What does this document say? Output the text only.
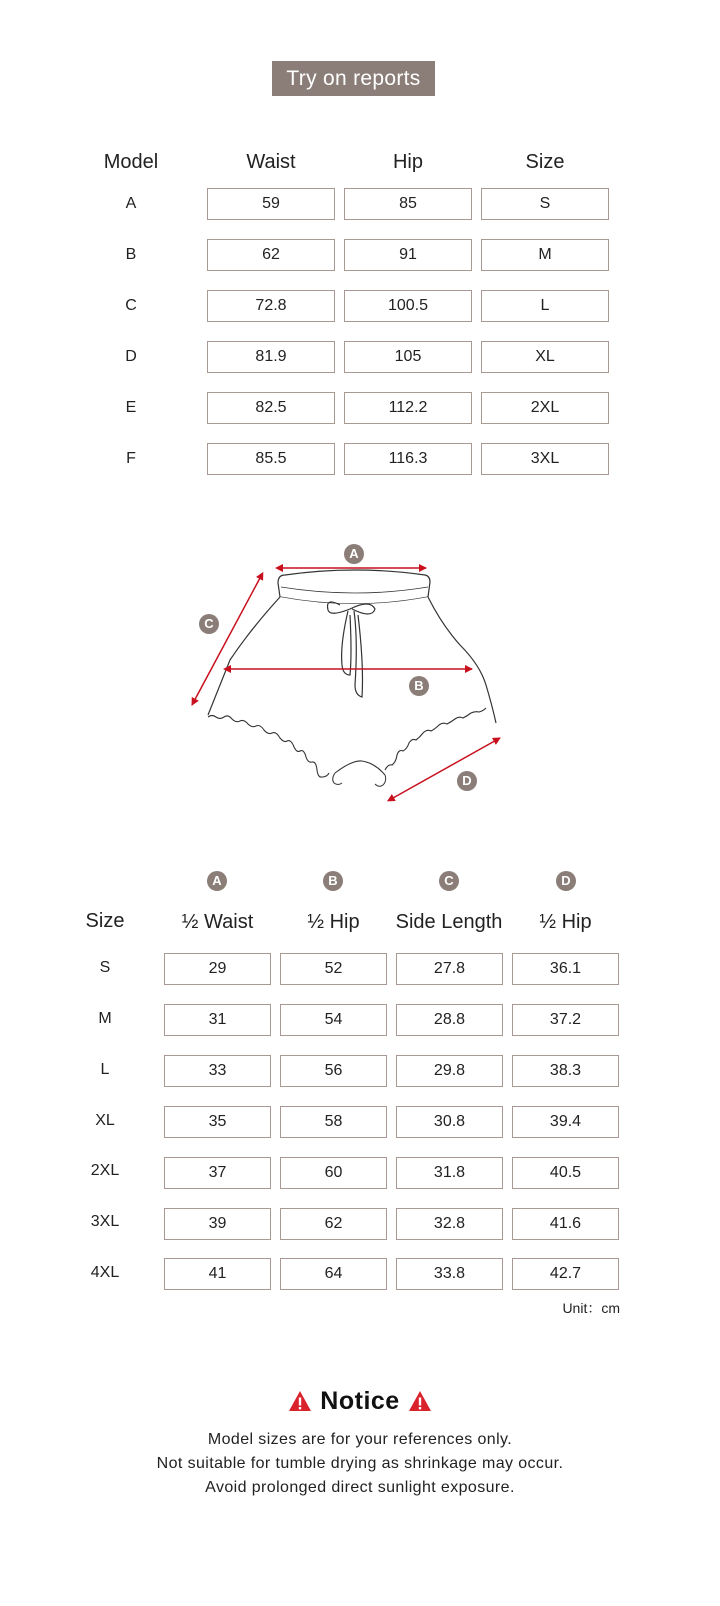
Try on reports
Model	Waist	Hip	Size
A	59	85	S
B	62	91	M
C	72.8	100.5	L
D	81.9	105	XL
E	82.5	112.2	2XL
F	85.5	116.3	3XL
A
B
C
D
A	B	C	D
Size	½ Waist	½ Hip	Side Length	½ Hip
S	29	52	27.8	36.1
M	31	54	28.8	37.2
L	33	56	29.8	38.3
XL	35	58	30.8	39.4
2XL	37	60	31.8	40.5
3XL	39	62	32.8	41.6
4XL	41	64	33.8	42.7
Unit：cm
Notice
Model sizes are for your references only.
Not suitable for tumble drying as shrinkage may occur.
Avoid prolonged direct sunlight exposure.
